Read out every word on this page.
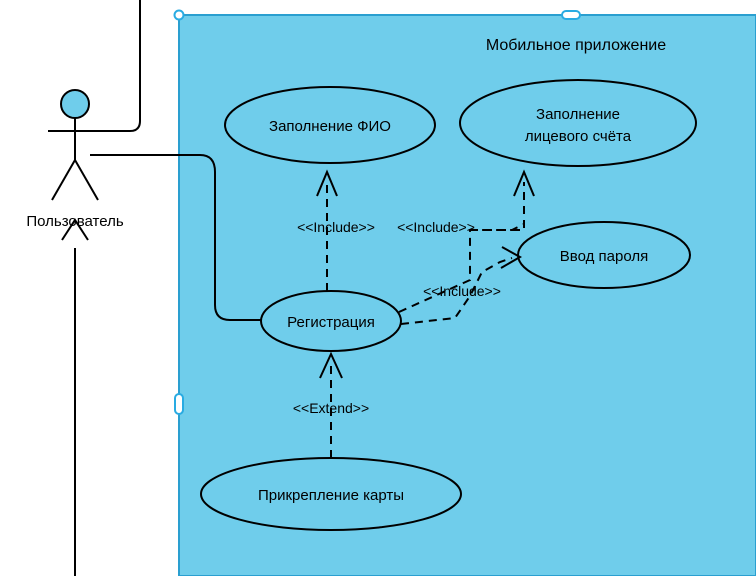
Мобильное приложение
Пользователь
Заполнение ФИО
Заполнение
лицевого счёта
Ввод пароля
Регистрация
Прикрепление карты
<<Include>> <<Include>>
<<Include>>
<<Extend>>
